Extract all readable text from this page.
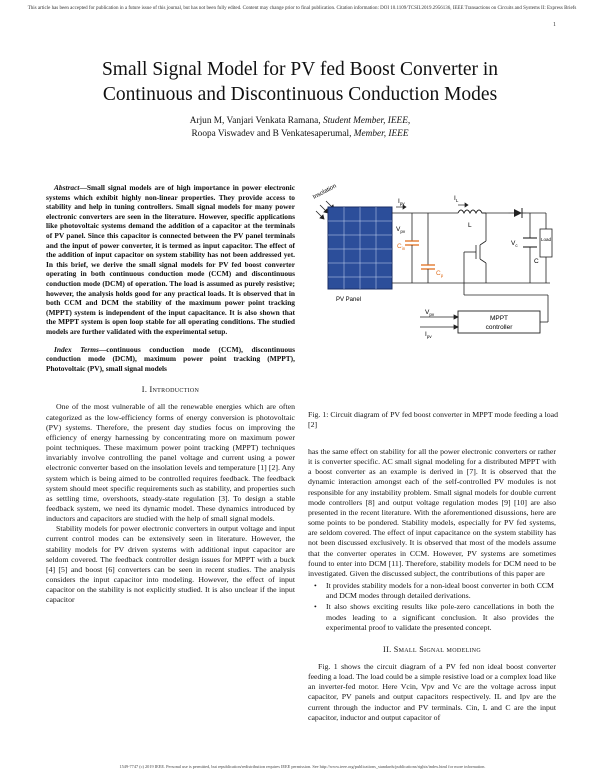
This article has been accepted for publication in a future issue of this journal, but has not been fully edited. Content may change prior to final publication. Citation information: DOI 10.1109/TCSII.2019.2956136, IEEE Transactions on Circuits and Systems II: Express Briefs
1
Small Signal Model for PV fed Boost Converter in
Continuous and Discontinuous Conduction Modes
Arjun M, Vanjari Venkata Ramana, Student Member, IEEE,
Roopa Viswadev and B Venkatesaperumal, Member, IEEE

Abstract—Small signal models are of high importance in power electronic systems which exhibit highly non-linear properties. They provide access to stability and help in tuning controllers. Small signal models for many power electronic converters are seen in the literature. However, specific applications like photovoltaic systems demand the addition of a capacitor at the terminals of PV panel. Since this capacitor is connected between the PV panel terminals and the input of power converter, it is termed as input capacitor. The effect of the addition of input capacitor on system stability has not been addressed yet. In this brief, we derive the small signal models for PV fed boost converter operating in both continuous conduction mode (CCM) and discontinuous conduction mode (DCM) of operation. The load is assumed as purely resistive; however, the analysis holds good for any practical loads. It is observed that in both CCM and DCM the stability of the maximum power point tracking (MPPT) system is independent of the input capacitance. It is also shown that the MPPT system is open loop stable for all operating conditions. The studied models are further validated with the experimental setup.

Index Terms—continuous conduction mode (CCM), discontinuous conduction mode (DCM), maximum power point tracking (MPPT), Photovoltaic (PV), small signal models

I. Introduction

One of the most vulnerable of all the renewable energies which are often categorized as the low-efficiency forms of energy conversion is photovoltaic (PV) systems. Therefore, the present day studies focus on improving the efficiency of energy harnessing by concentrating more on maximum power point techniques. These maximum power point tracking (MPPT) techniques invariably involve controlling the panel voltage and current using a power electronic converter based on the insolation levels and temperature [1] [2]. Any system which is being aimed to be controlled requires feedback. The feedback system should meet specific requirements such as stability, and properties such as settling time, overshoots, steady-state regulation [3]. To design a stable feedback system, we need its dynamic model. These dynamics introduced by inductors and capacitors are studied with the help of small signal models.

Stability models for power electronic converters in output voltage and input current control modes can be extensively seen in literature. However, the stability models for PV driven systems with additional input capacitor are seldom covered. The feedback controller design issues for MPPT with a buck [4] [5] and boost [6] converters can be seen in recent studies. The analysis considers the input capacitor into modeling. However, the effect of input capacitor on the stability is not explicitly studied. It is also unclear if the input capacitor

Insolation
PV Panel
Load
$I_{pv}$
$I_L$
L
$C_{in}$
$V_{pv}$
$C_p$
$V_c$
C
MPPT
controller
$V_{pv}$
$I_{pv}$
Fig. 1: Circuit diagram of PV fed boost converter in MPPT mode feeding a load [2]

has the same effect on stability for all the power electronic converters or rather it is converter specific. AC small signal modeling for a distributed MPPT with a boost converter as an example is derived in [7]. It is observed that the dynamic interaction amongst each of the self-controlled PV modules is not responsible for any instability problem. Small signal models for double current mode controllers [8] and output voltage regulation modes [9] [10] are also presented in the recent literature. With the aforementioned disussions, here are some points to be pondered. Stability models, especially for PV fed systems, are seldom covered. The effect of input capacitance on the system stability has not been discussed exclusively. It is observed that most of the models assume that the converter operates in CCM. However, PV systems are sometimes found to enter into DCM [11]. Therefore, stability models for DCM need to be investigated. Given the discussed subject, the contributions of this paper are

• It provides stability models for a non-ideal boost converter in both CCM and DCM modes through detailed derivations.
• It also shows exciting results like pole-zero cancellations in both the modes leading to a significant conclusion. It also provides the experimental proof to validate the presented concept.
II. Small Signal modeling

Fig. 1 shows the circuit diagram of a PV fed non ideal boost converter feeding a load. The load could be a simple resistive load or a complex load like an inverter-fed motor. Here Vcin, Vpv and Vc are the voltage across input capacitor, PV panels and output capacitors respectively. IL and Ipv are the current through the inductor and PV terminals. Cin, L and C are the input capacitor, inductor and output capacitor of

1549-7747 (c) 2019 IEEE. Personal use is permitted, but republication/redistribution requires IEEE permission. See http://www.ieee.org/publications_standards/publications/rights/index.html for more information.
